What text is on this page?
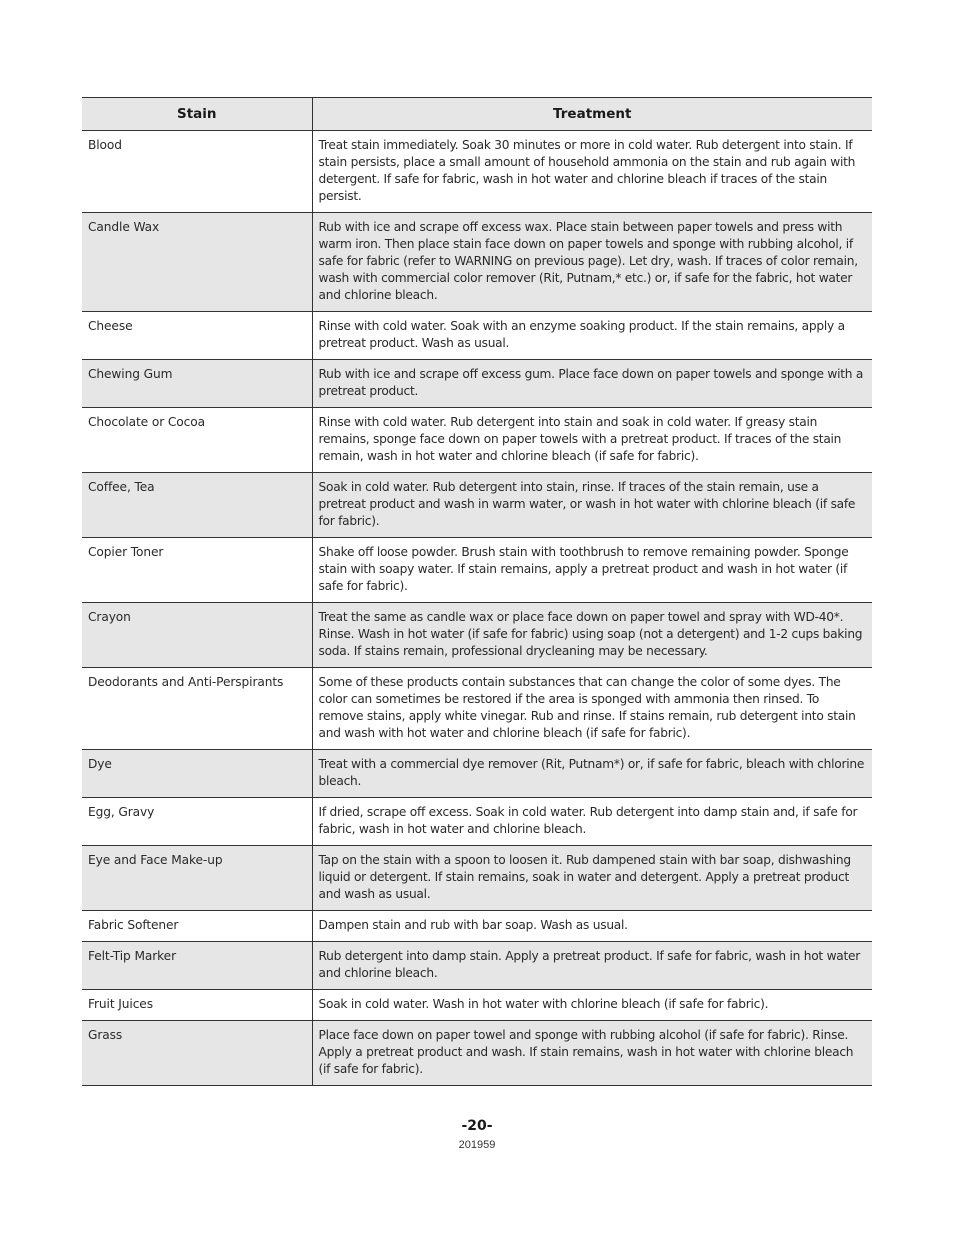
Stain	Treatment
Blood	Treat stain immediately. Soak 30 minutes or more in cold water. Rub detergent into stain. If stain persists, place a small amount of household ammonia on the stain and rub again with detergent. If safe for fabric, wash in hot water and chlorine bleach if traces of the stain persist.
Candle Wax	Rub with ice and scrape off excess wax. Place stain between paper towels and press with warm iron. Then place stain face down on paper towels and sponge with rubbing alcohol, if safe for fabric (refer to WARNING on previous page). Let dry, wash. If traces of color remain, wash with commercial color remover (Rit, Putnam,* etc.) or, if safe for the fabric, hot water and chlorine bleach.
Cheese	Rinse with cold water. Soak with an enzyme soaking product. If the stain remains, apply a pretreat product. Wash as usual.
Chewing Gum	Rub with ice and scrape off excess gum. Place face down on paper towels and sponge with a pretreat product.
Chocolate or Cocoa	Rinse with cold water. Rub detergent into stain and soak in cold water. If greasy stain remains, sponge face down on paper towels with a pretreat product. If traces of the stain remain, wash in hot water and chlorine bleach (if safe for fabric).
Coffee, Tea	Soak in cold water. Rub detergent into stain, rinse. If traces of the stain remain, use a pretreat product and wash in warm water, or wash in hot water with chlorine bleach (if safe for fabric).
Copier Toner	Shake off loose powder. Brush stain with toothbrush to remove remaining powder. Sponge stain with soapy water. If stain remains, apply a pretreat product and wash in hot water (if safe for fabric).
Crayon	Treat the same as candle wax or place face down on paper towel and spray with WD-40*. Rinse. Wash in hot water (if safe for fabric) using soap (not a detergent) and 1-2 cups baking soda. If stains remain, professional drycleaning may be necessary.
Deodorants and Anti-Perspirants	Some of these products contain substances that can change the color of some dyes. The color can sometimes be restored if the area is sponged with ammonia then rinsed. To remove stains, apply white vinegar. Rub and rinse. If stains remain, rub detergent into stain and wash with hot water and chlorine bleach (if safe for fabric).
Dye	Treat with a commercial dye remover (Rit, Putnam*) or, if safe for fabric, bleach with chlorine bleach.
Egg, Gravy	If dried, scrape off excess. Soak in cold water. Rub detergent into damp stain and, if safe for fabric, wash in hot water and chlorine bleach.
Eye and Face Make-up	Tap on the stain with a spoon to loosen it. Rub dampened stain with bar soap, dishwashing liquid or detergent. If stain remains, soak in water and detergent. Apply a pretreat product and wash as usual.
Fabric Softener	Dampen stain and rub with bar soap. Wash as usual.
Felt-Tip Marker	Rub detergent into damp stain. Apply a pretreat product. If safe for fabric, wash in hot water and chlorine bleach.
Fruit Juices	Soak in cold water. Wash in hot water with chlorine bleach (if safe for fabric).
Grass	Place face down on paper towel and sponge with rubbing alcohol (if safe for fabric). Rinse. Apply a pretreat product and wash. If stain remains, wash in hot water with chlorine bleach (if safe for fabric).
-20-
201959
